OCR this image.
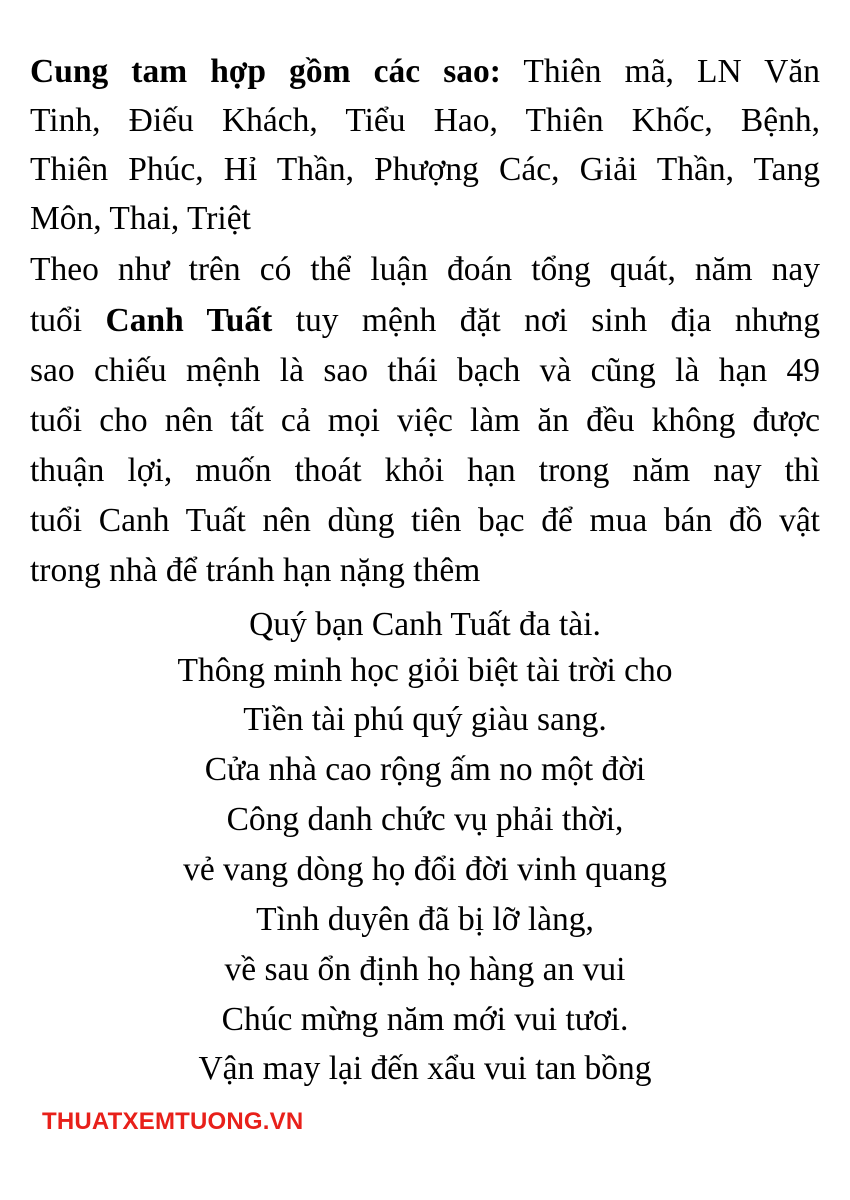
Cung tam hợp gồm các sao: Thiên mã, LN Văn
Tinh, Điếu Khách, Tiểu Hao, Thiên Khốc, Bệnh,
Thiên Phúc, Hỉ Thần, Phượng Các, Giải Thần, Tang
Môn, Thai, Triệt
Theo như trên có thể luận đoán tổng quát, năm nay
tuổi Canh Tuất tuy mệnh đặt nơi sinh địa nhưng
sao chiếu mệnh là sao thái bạch và cũng là hạn 49
tuổi cho nên tất cả mọi việc làm ăn đều không được
thuận lợi, muốn thoát khỏi hạn trong năm nay thì
tuổi Canh Tuất nên dùng tiên bạc để mua bán đồ vật
trong nhà để tránh hạn nặng thêm
Quý bạn Canh Tuất đa tài.
Thông minh học giỏi biệt tài trời cho
Tiền tài phú quý giàu sang.
Cửa nhà cao rộng ấm no một đời
Công danh chức vụ phải thời,
vẻ vang dòng họ đổi đời vinh quang
Tình duyên đã bị lỡ làng,
về sau ổn định họ hàng an vui
Chúc mừng năm mới vui tươi.
Vận may lại đến xẩu vui tan bồng
THUATXEMTUONG.VN
